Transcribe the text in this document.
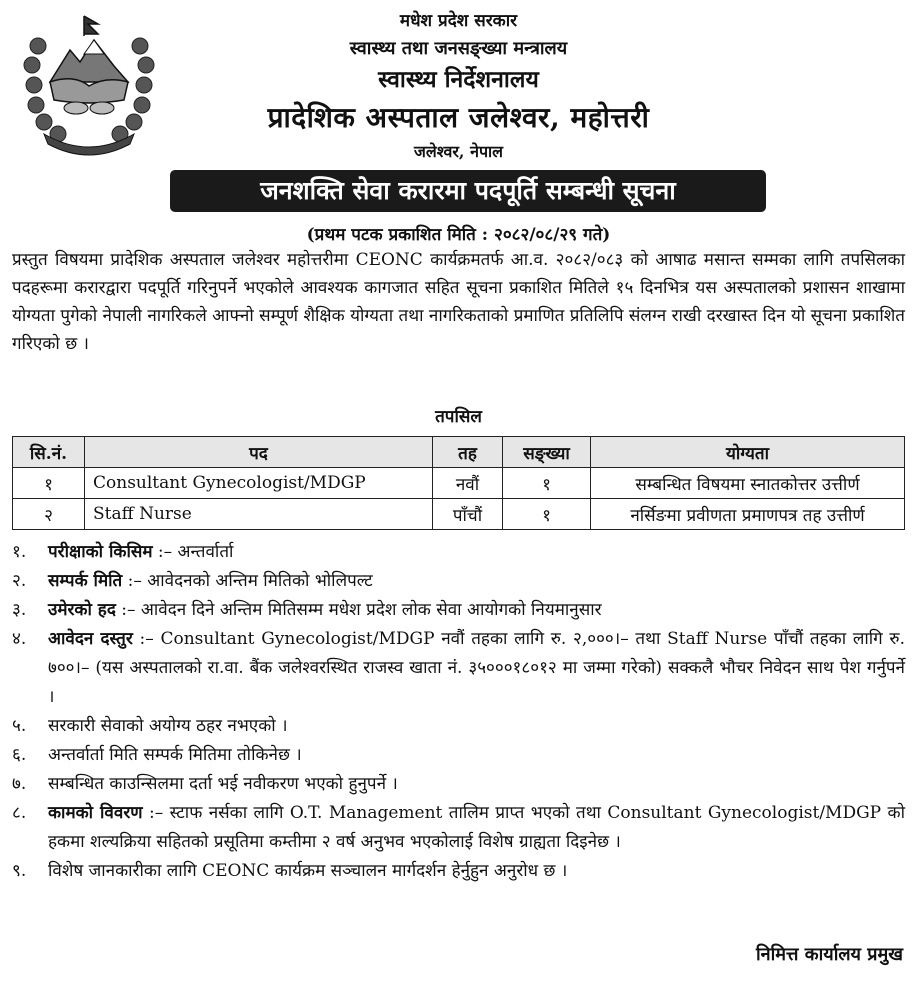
मधेश प्रदेश सरकार
स्वास्थ्य तथा जनसङ्ख्या मन्त्रालय
स्वास्थ्य निर्देशनालय
प्रादेशिक अस्पताल जलेश्वर, महोत्तरी
जलेश्वर, नेपाल
जनशक्ति सेवा करारमा पदपूर्ति सम्बन्धी सूचना
(प्रथम पटक प्रकाशित मिति : २०८२/०८/२९ गते)
प्रस्तुत विषयमा प्रादेशिक अस्पताल जलेश्वर महोत्तरीमा CEONC कार्यक्रमतर्फ आ.व. २०८२/०८३ को आषाढ मसान्त सम्मका लागि तपसिलका पदहरूमा करारद्वारा पदपूर्ति गरिनुपर्ने भएकोले आवश्यक कागजात सहित सूचना प्रकाशित मितिले १५ दिनभित्र यस अस्पतालको प्रशासन शाखामा योग्यता पुगेको नेपाली नागरिकले आफ्नो सम्पूर्ण शैक्षिक योग्यता तथा नागरिकताको प्रमाणित प्रतिलिपि संलग्न राखी दरखास्त दिन यो सूचना प्रकाशित गरिएको छ ।
तपसिल
सि.नं.	पद	तह	सङ्ख्या	योग्यता
१	Consultant Gynecologist/MDGP	नवौं	१	सम्बन्धित विषयमा स्नातकोत्तर उत्तीर्ण
२	Staff Nurse	पाँचौं	१	नर्सिङमा प्रवीणता प्रमाणपत्र तह उत्तीर्ण
१. परीक्षाको किसिम :– अन्तर्वार्ता
२. सम्पर्क मिति :– आवेदनको अन्तिम मितिको भोलिपल्ट
३. उमेरको हद :– आवेदन दिने अन्तिम मितिसम्म मधेश प्रदेश लोक सेवा आयोगको नियमानुसार
४. आवेदन दस्तुर :– Consultant Gynecologist/MDGP नवौं तहका लागि रु. २,०००।– तथा Staff Nurse पाँचौं तहका लागि रु. ७००।– (यस अस्पतालको रा.वा. बैंक जलेश्वरस्थित राजस्व खाता नं. ३५०००१८०१२ मा जम्मा गरेको) सक्कलै भौचर निवेदन साथ पेश गर्नुपर्ने ।
५. सरकारी सेवाको अयोग्य ठहर नभएको ।
६. अन्तर्वार्ता मिति सम्पर्क मितिमा तोकिनेछ ।
७. सम्बन्धित काउन्सिलमा दर्ता भई नवीकरण भएको हुनुपर्ने ।
८. कामको विवरण :– स्टाफ नर्सका लागि O.T. Management तालिम प्राप्त भएको तथा Consultant Gynecologist/MDGP को हकमा शल्यक्रिया सहितको प्रसूतिमा कम्तीमा २ वर्ष अनुभव भएकोलाई विशेष ग्राह्यता दिइनेछ ।
९. विशेष जानकारीका लागि CEONC कार्यक्रम सञ्चालन मार्गदर्शन हेर्नुहुन अनुरोध छ ।
निमित्त कार्यालय प्रमुख
